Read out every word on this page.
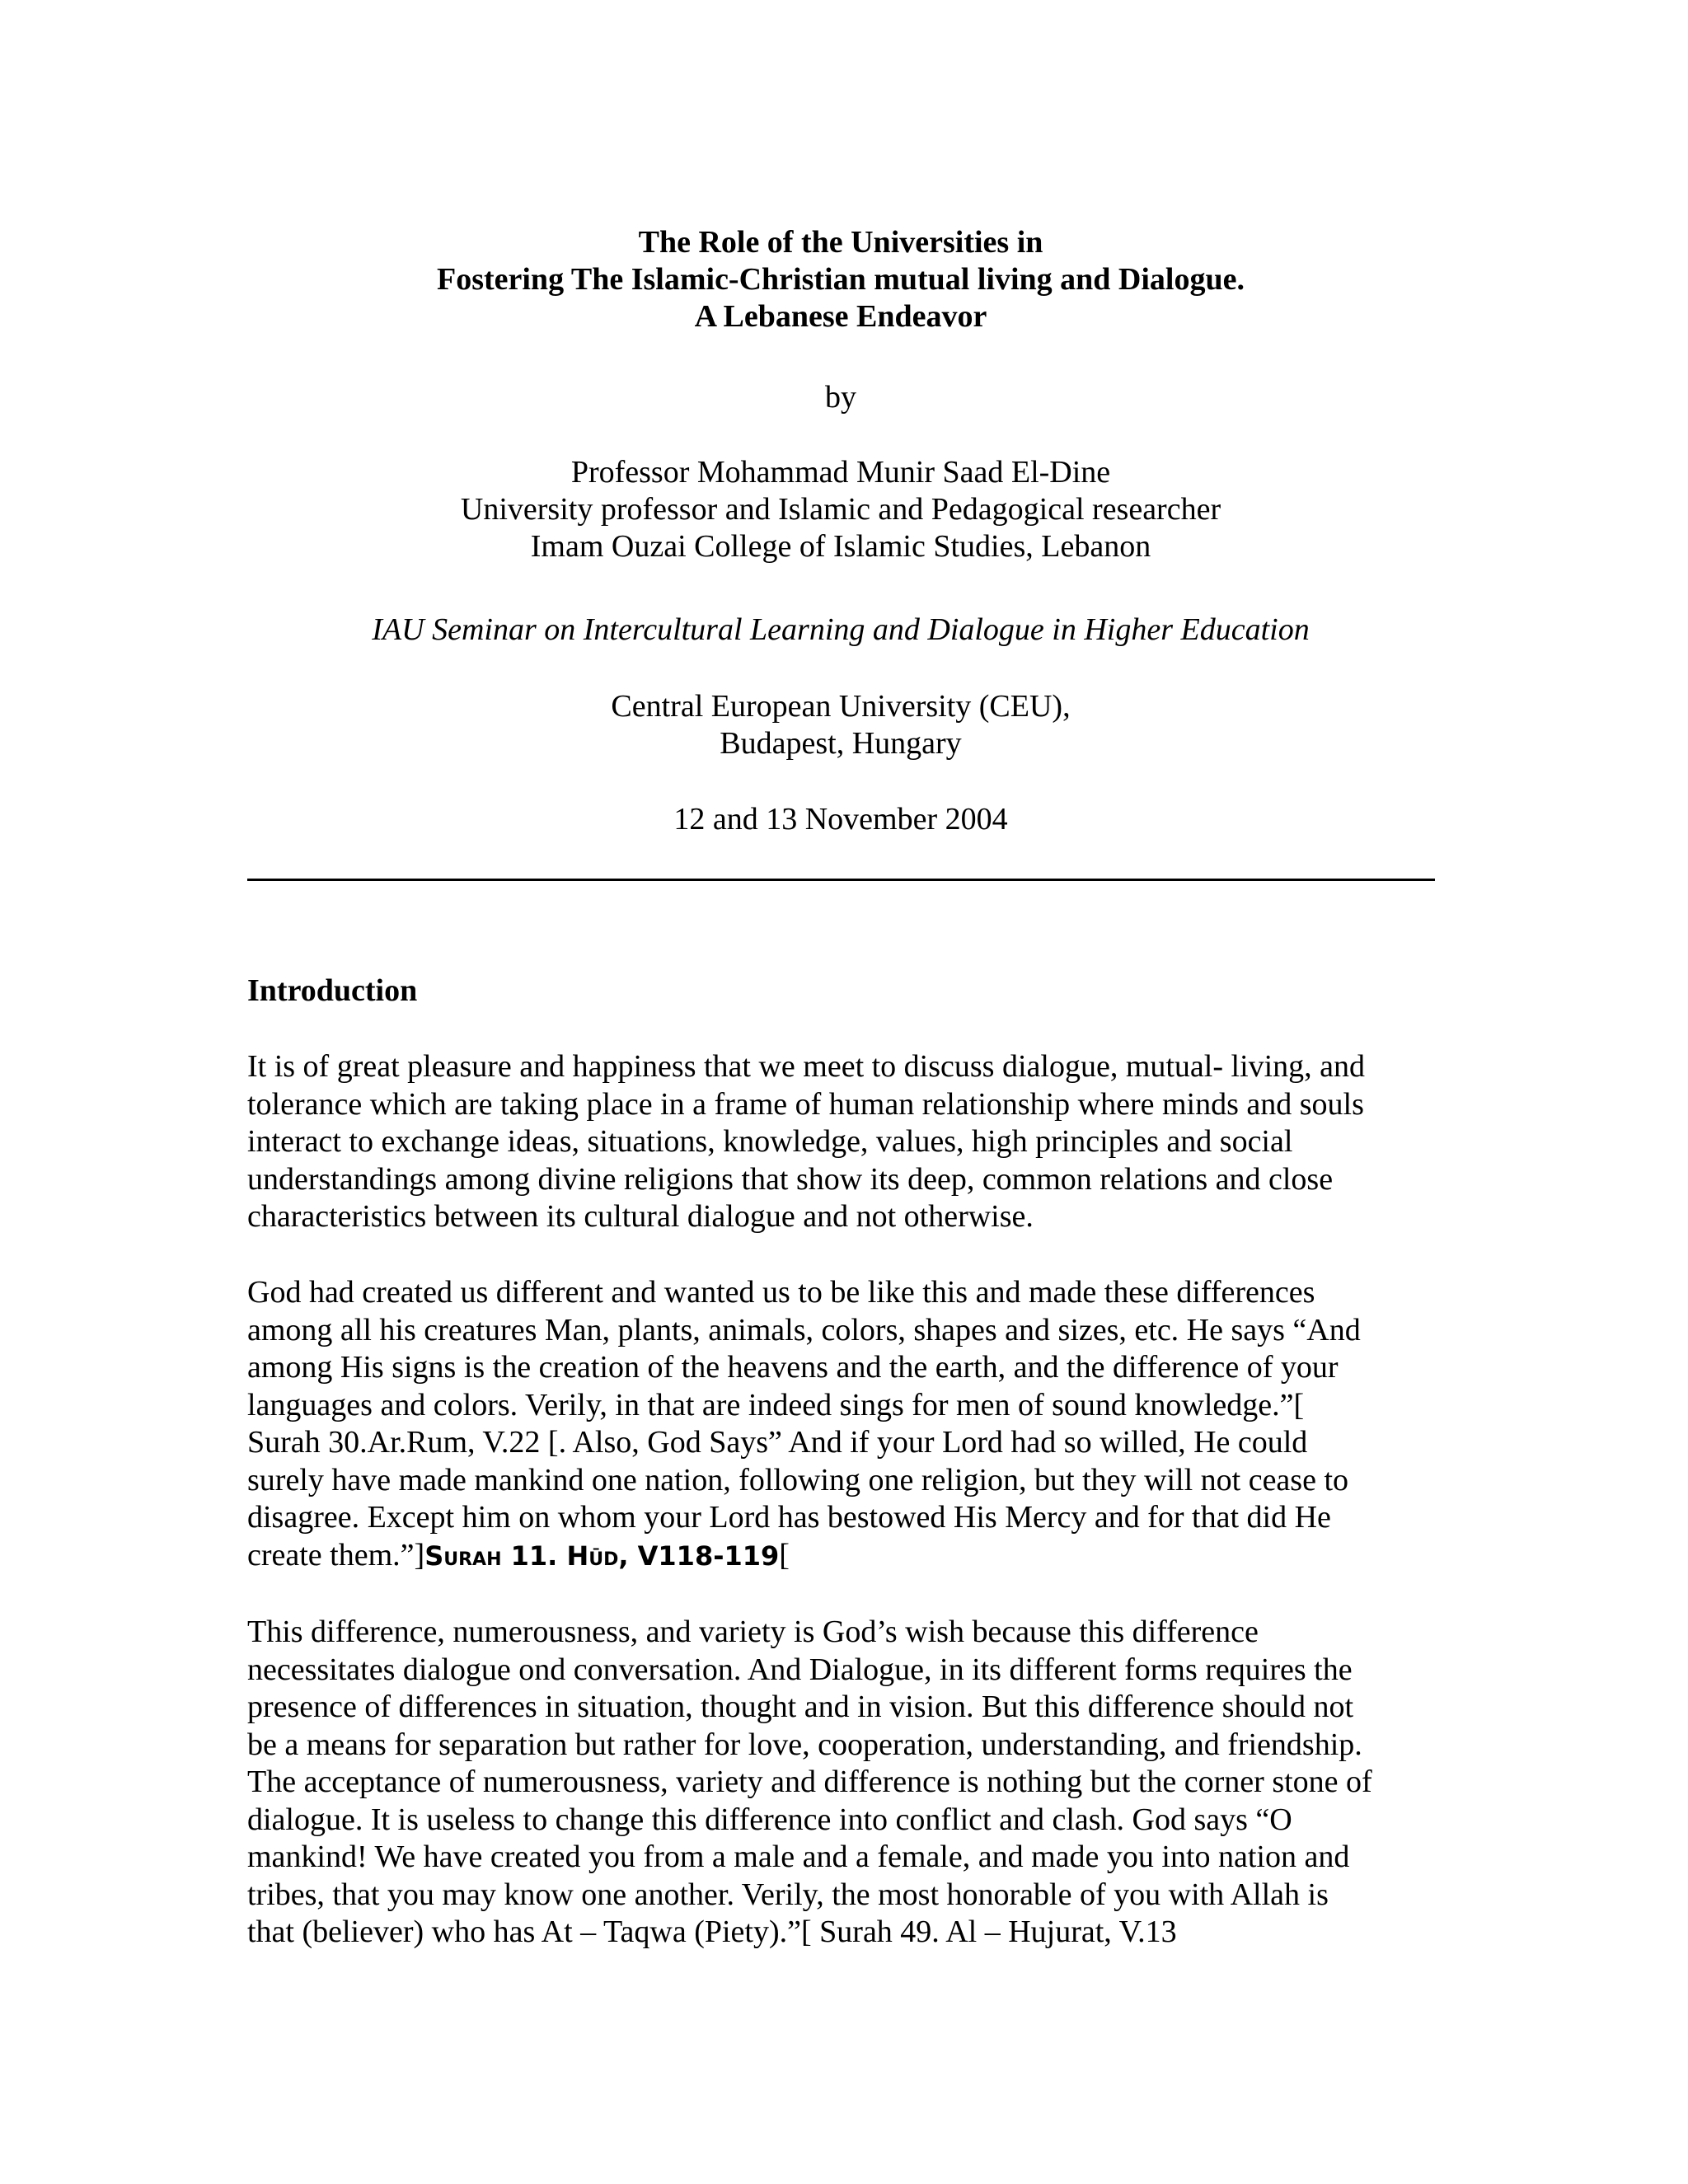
The Role of the Universities in
Fostering The Islamic-Christian mutual living and Dialogue.
A Lebanese Endeavor
by
Professor Mohammad Munir Saad El-Dine
University professor and Islamic and Pedagogical researcher
Imam Ouzai College of Islamic Studies, Lebanon
IAU Seminar on Intercultural Learning and Dialogue in Higher Education
Central European University (CEU),
Budapest, Hungary
12 and 13 November 2004
Introduction
It is of great pleasure and happiness that we meet to discuss dialogue, mutual- living, and
tolerance which are taking place in a frame of human relationship where minds and souls
interact to exchange ideas, situations, knowledge, values, high principles and social
understandings among divine religions that show its deep, common relations and close
characteristics between its cultural dialogue and not otherwise.
God had created us different and wanted us to be like this and made these differences
among all his creatures Man, plants, animals, colors, shapes and sizes, etc. He says “And
among His signs is the creation of the heavens and the earth, and the difference of your
languages and colors. Verily, in that are indeed sings for men of sound knowledge.”[
Surah 30.Ar.Rum, V.22 [. Also, God Says” And if your Lord had so willed, He could
surely have made mankind one nation, following one religion, but they will not cease to
disagree. Except him on whom your Lord has bestowed His Mercy and for that did He
create them.”]Surah 11. Hūd, V118-119[
This difference, numerousness, and variety is God’s wish because this difference
necessitates dialogue ond conversation. And Dialogue, in its different forms requires the
presence of differences in situation, thought and in vision. But this difference should not
be a means for separation but rather for love, cooperation, understanding, and friendship.
The acceptance of numerousness, variety and difference is nothing but the corner stone of
dialogue. It is useless to change this difference into conflict and clash. God says “O
mankind! We have created you from a male and a female, and made you into nation and
tribes, that you may know one another. Verily, the most honorable of you with Allah is
that (believer) who has At – Taqwa (Piety).”[ Surah 49. Al – Hujurat, V.13
